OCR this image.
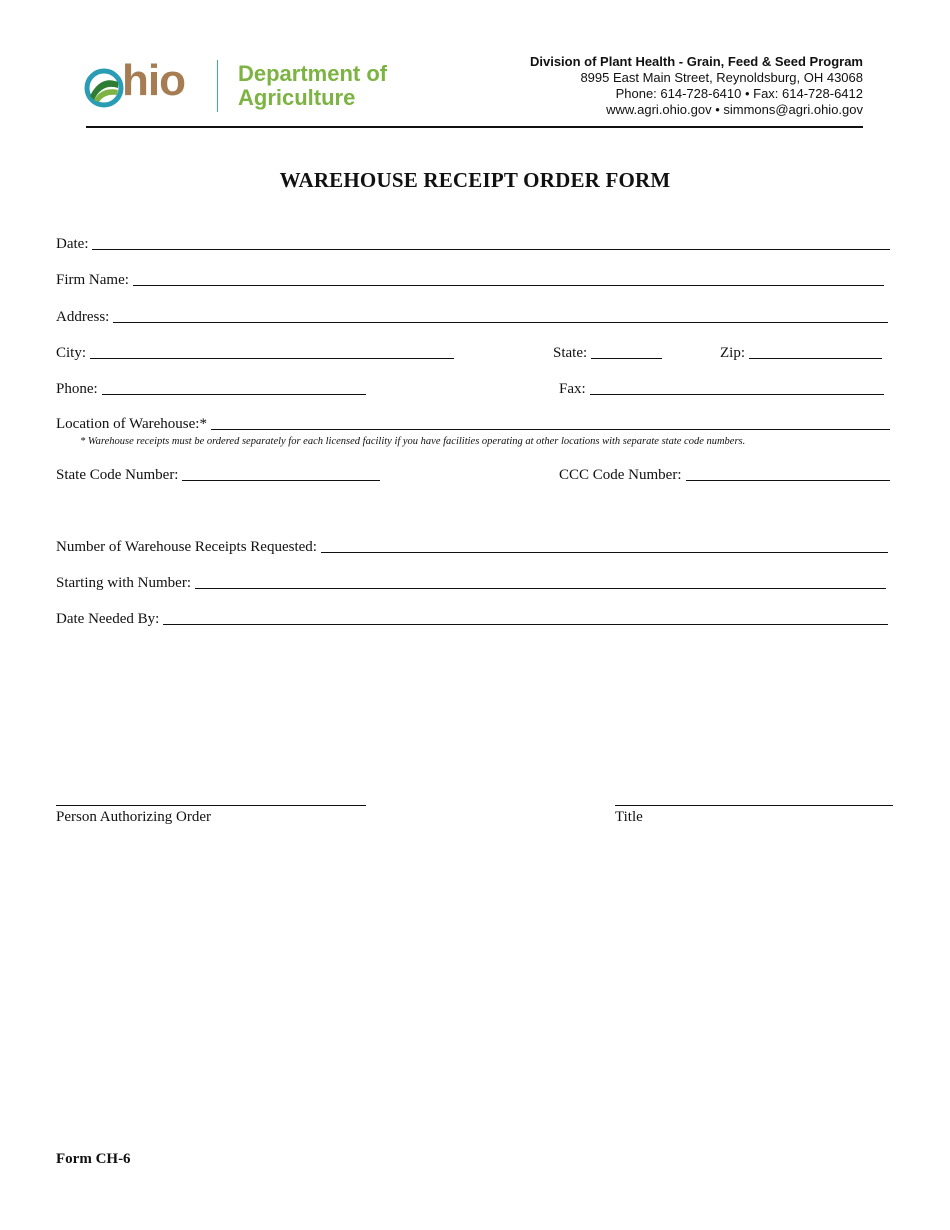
hio Department of
Agriculture
Division of Plant Health - Grain, Feed & Seed Program
8995 East Main Street, Reynoldsburg, OH 43068
Phone: 614-728-6410 • Fax: 614-728-6412
www.agri.ohio.gov • simmons@agri.ohio.gov
WAREHOUSE RECEIPT ORDER FORM
Date:
Firm Name:
Address:
City:	State:	Zip:
Phone:	Fax:
Location of Warehouse:*
* Warehouse receipts must be ordered separately for each licensed facility if you have facilities operating at other locations with separate state code numbers.
State Code Number:	CCC Code Number:
Number of Warehouse Receipts Requested:
Starting with Number:
Date Needed By:
Person Authorizing Order	Title
Form CH-6
